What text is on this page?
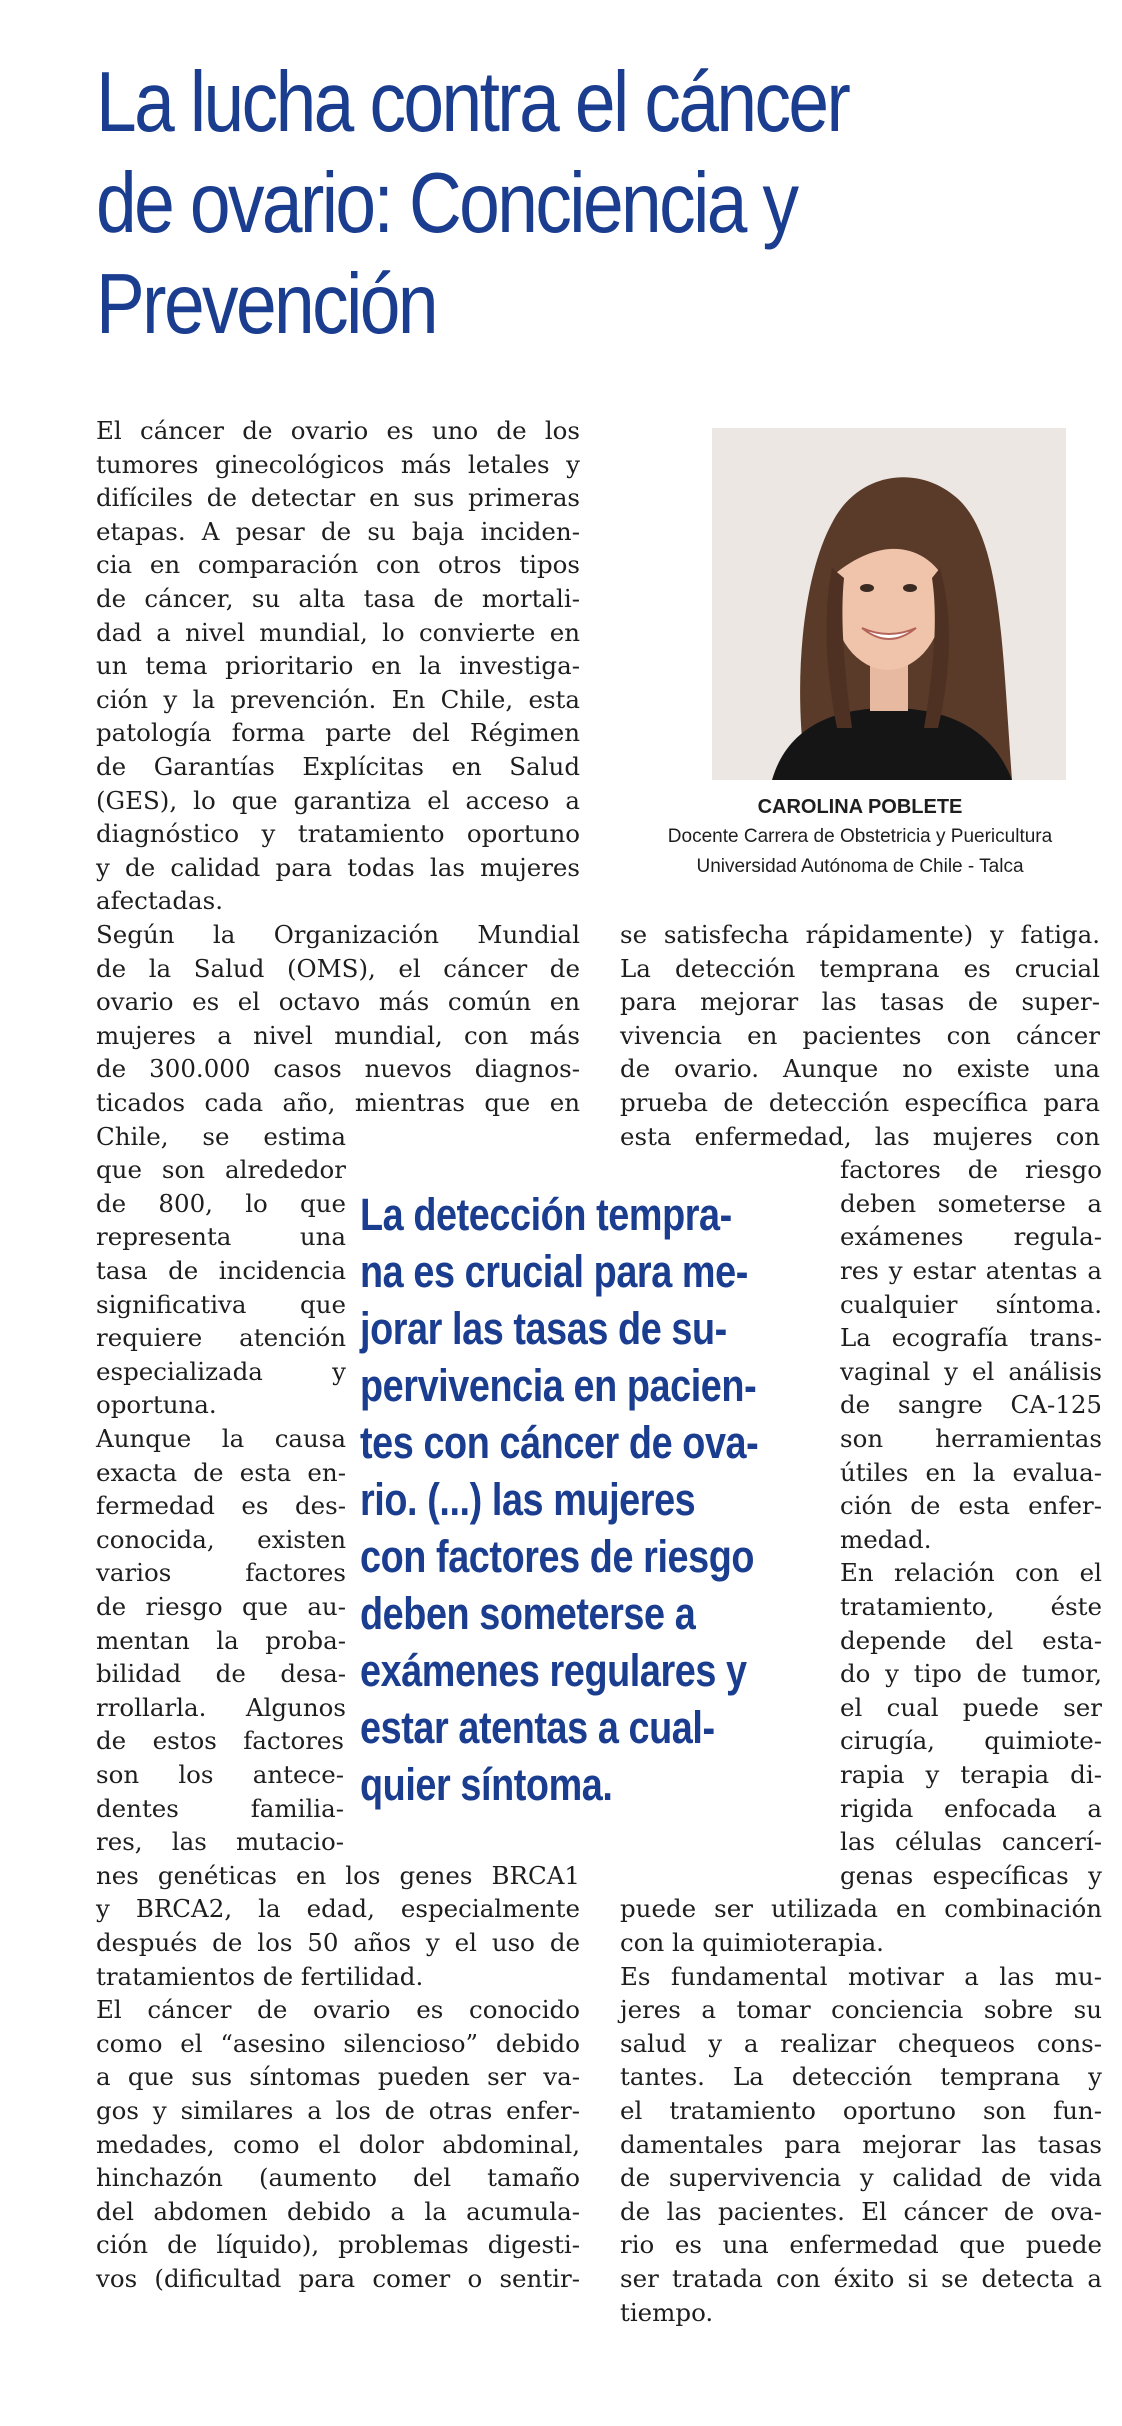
La lucha contra el cáncer
de ovario: Conciencia y
Prevención
CAROLINA POBLETE
Docente Carrera de Obstetricia y Puericultura
Universidad Autónoma de Chile - Talca
El cáncer de ovario es uno de los
tumores ginecológicos más letales y
difíciles de detectar en sus primeras
etapas. A pesar de su baja inciden-
cia en comparación con otros tipos
de cáncer, su alta tasa de mortali-
dad a nivel mundial, lo convierte en
un tema prioritario en la investiga-
ción y la prevención. En Chile, esta
patología forma parte del Régimen
de Garantías Explícitas en Salud
(GES), lo que garantiza el acceso a
diagnóstico y tratamiento oportuno
y de calidad para todas las mujeres
afectadas.
Según la Organización Mundial
de la Salud (OMS), el cáncer de
ovario es el octavo más común en
mujeres a nivel mundial, con más
de 300.000 casos nuevos diagnos-
ticados cada año, mientras que en
Chile, se estima
que son alrededor
de 800, lo que
representa una
tasa de incidencia
significativa que
requiere atención
especializada y
oportuna.
Aunque la causa
exacta de esta en-
fermedad es des-
conocida, existen
varios factores
de riesgo que au-
mentan la proba-
bilidad de desa-
rrollarla. Algunos
de estos factores
son los antece-
dentes familia-
res, las mutacio-
nes genéticas en los genes BRCA1
y BRCA2, la edad, especialmente
después de los 50 años y el uso de
tratamientos de fertilidad.
El cáncer de ovario es conocido
como el “asesino silencioso” debido
a que sus síntomas pueden ser va-
gos y similares a los de otras enfer-
medades, como el dolor abdominal,
hinchazón (aumento del tamaño
del abdomen debido a la acumula-
ción de líquido), problemas digesti-
vos (dificultad para comer o sentir-
se satisfecha rápidamente) y fatiga.
La detección temprana es crucial
para mejorar las tasas de super-
vivencia en pacientes con cáncer
de ovario. Aunque no existe una
prueba de detección específica para
esta enfermedad, las mujeres con
factores de riesgo
deben someterse a
exámenes regula-
res y estar atentas a
cualquier síntoma.
La ecografía trans-
vaginal y el análisis
de sangre CA-125
son herramientas
útiles en la evalua-
ción de esta enfer-
medad.
En relación con el
tratamiento, éste
depende del esta-
do y tipo de tumor,
el cual puede ser
cirugía, quimiote-
rapia y terapia di-
rigida enfocada a
las células cancerí-
genas específicas y
puede ser utilizada en combinación
con la quimioterapia.
Es fundamental motivar a las mu-
jeres a tomar conciencia sobre su
salud y a realizar chequeos cons-
tantes. La detección temprana y
el tratamiento oportuno son fun-
damentales para mejorar las tasas
de supervivencia y calidad de vida
de las pacientes. El cáncer de ova-
rio es una enfermedad que puede
ser tratada con éxito si se detecta a
tiempo.
La detección tempra-
na es crucial para me-
jorar las tasas de su-
pervivencia en pacien-
tes con cáncer de ova-
rio. (...) las mujeres
con factores de riesgo
deben someterse a
exámenes regulares y
estar atentas a cual-
quier síntoma.
